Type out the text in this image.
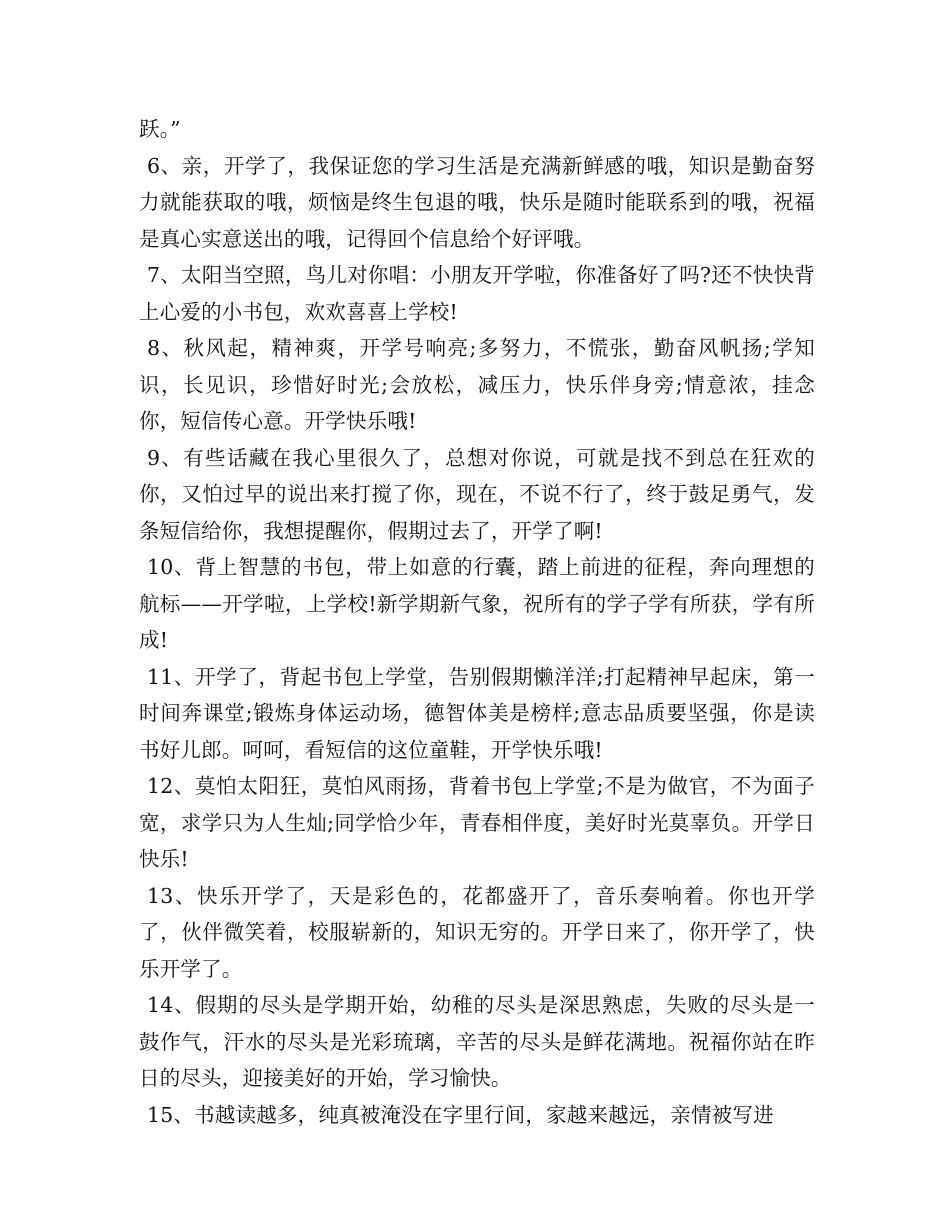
跃。”

6、亲，开学了，我保证您的学习生活是充满新鲜感的哦，知识是勤奋努力就能获取的哦，烦恼是终生包退的哦，快乐是随时能联系到的哦，祝福是真心实意送出的哦，记得回个信息给个好评哦。

7、太阳当空照，鸟儿对你唱：小朋友开学啦，你准备好了吗?还不快快背上心爱的小书包，欢欢喜喜上学校!

8、秋风起，精神爽，开学号响亮;多努力，不慌张，勤奋风帆扬;学知识，长见识，珍惜好时光;会放松，减压力，快乐伴身旁;情意浓，挂念你，短信传心意。开学快乐哦!

9、有些话藏在我心里很久了，总想对你说，可就是找不到总在狂欢的你，又怕过早的说出来打搅了你，现在，不说不行了，终于鼓足勇气，发条短信给你，我想提醒你，假期过去了，开学了啊!

10、背上智慧的书包，带上如意的行囊，踏上前进的征程，奔向理想的航标——开学啦，上学校!新学期新气象，祝所有的学子学有所获，学有所成!

11、开学了，背起书包上学堂，告别假期懒洋洋;打起精神早起床，第一时间奔课堂;锻炼身体运动场，德智体美是榜样;意志品质要坚强，你是读书好儿郎。呵呵，看短信的这位童鞋，开学快乐哦!

12、莫怕太阳狂，莫怕风雨扬，背着书包上学堂;不是为做官，不为面子宽，求学只为人生灿;同学恰少年，青春相伴度，美好时光莫辜负。开学日快乐!

13、快乐开学了，天是彩色的，花都盛开了，音乐奏响着。你也开学了，伙伴微笑着，校服崭新的，知识无穷的。开学日来了，你开学了，快乐开学了。

14、假期的尽头是学期开始，幼稚的尽头是深思熟虑，失败的尽头是一鼓作气，汗水的尽头是光彩琉璃，辛苦的尽头是鲜花满地。祝福你站在昨日的尽头，迎接美好的开始，学习愉快。

15、书越读越多，纯真被淹没在字里行间，家越来越远，亲情被写进
